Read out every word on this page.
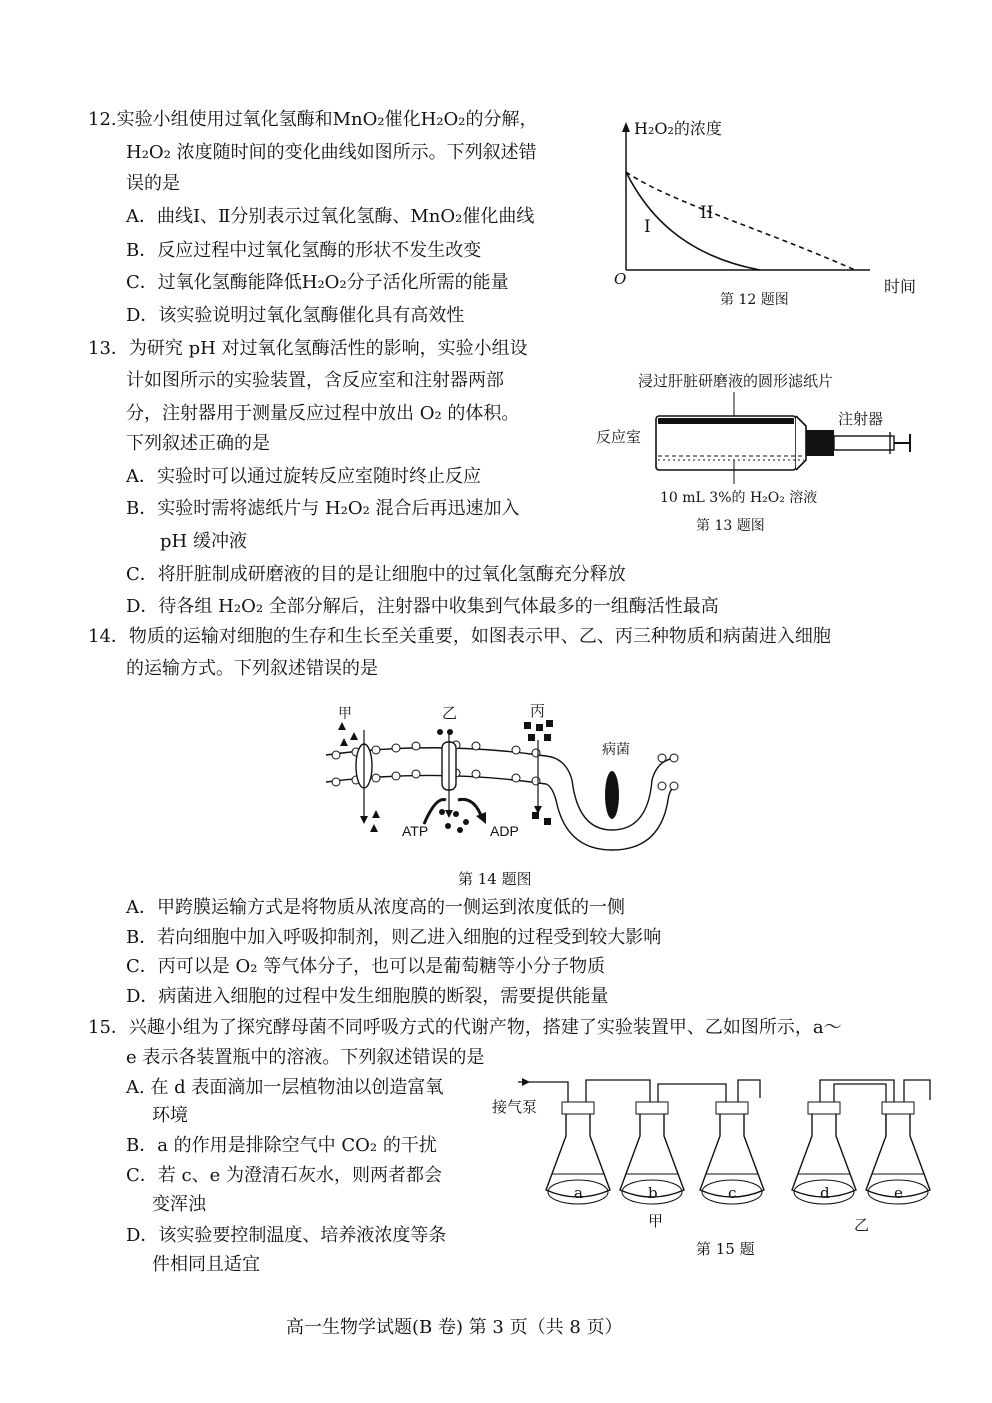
12.实验小组使用过氧化氢酶和MnO₂催化H₂O₂的分解，
H₂O₂ 浓度随时间的变化曲线如图所示。下列叙述错
误的是
A．曲线Ⅰ、Ⅱ分别表示过氧化氢酶、MnO₂催化曲线
B．反应过程中过氧化氢酶的形状不发生改变
C．过氧化氢酶能降低H₂O₂分子活化所需的能量
D．该实验说明过氧化氢酶催化具有高效性
H₂O₂的浓度
I
II
O	时间
第 12 题图
13．为研究 pH 对过氧化氢酶活性的影响，实验小组设
计如图所示的实验装置，含反应室和注射器两部
分，注射器用于测量反应过程中放出 O₂ 的体积。
下列叙述正确的是
A．实验时可以通过旋转反应室随时终止反应
B．实验时需将滤纸片与 H₂O₂ 混合后再迅速加入
pH 缓冲液
C．将肝脏制成研磨液的目的是让细胞中的过氧化氢酶充分释放
D．待各组 H₂O₂ 全部分解后，注射器中收集到气体最多的一组酶活性最高
浸过肝脏研磨液的圆形滤纸片
反应室
注射器
10 mL 3%的 H₂O₂ 溶液
第 13 题图
14．物质的运输对细胞的生存和生长至关重要，如图表示甲、乙、丙三种物质和病菌进入细胞
的运输方式。下列叙述错误的是
甲	乙	丙
病菌
ATP	ADP
第 14 题图
A．甲跨膜运输方式是将物质从浓度高的一侧运到浓度低的一侧
B．若向细胞中加入呼吸抑制剂，则乙进入细胞的过程受到较大影响
C．丙可以是 O₂ 等气体分子，也可以是葡萄糖等小分子物质
D．病菌进入细胞的过程中发生细胞膜的断裂，需要提供能量
15．兴趣小组为了探究酵母菌不同呼吸方式的代谢产物，搭建了实验装置甲、乙如图所示，a～
e 表示各装置瓶中的溶液。下列叙述错误的是
A. 在 d 表面滴加一层植物油以创造富氧
环境
B．a 的作用是排除空气中 CO₂ 的干扰
C．若 c、e 为澄清石灰水，则两者都会
变浑浊
D．该实验要控制温度、培养液浓度等条
件相同且适宜
接气泵
a	b	c	d	e
甲	乙
第 15 题
高一生物学试题(B 卷) 第 3 页（共 8 页）
